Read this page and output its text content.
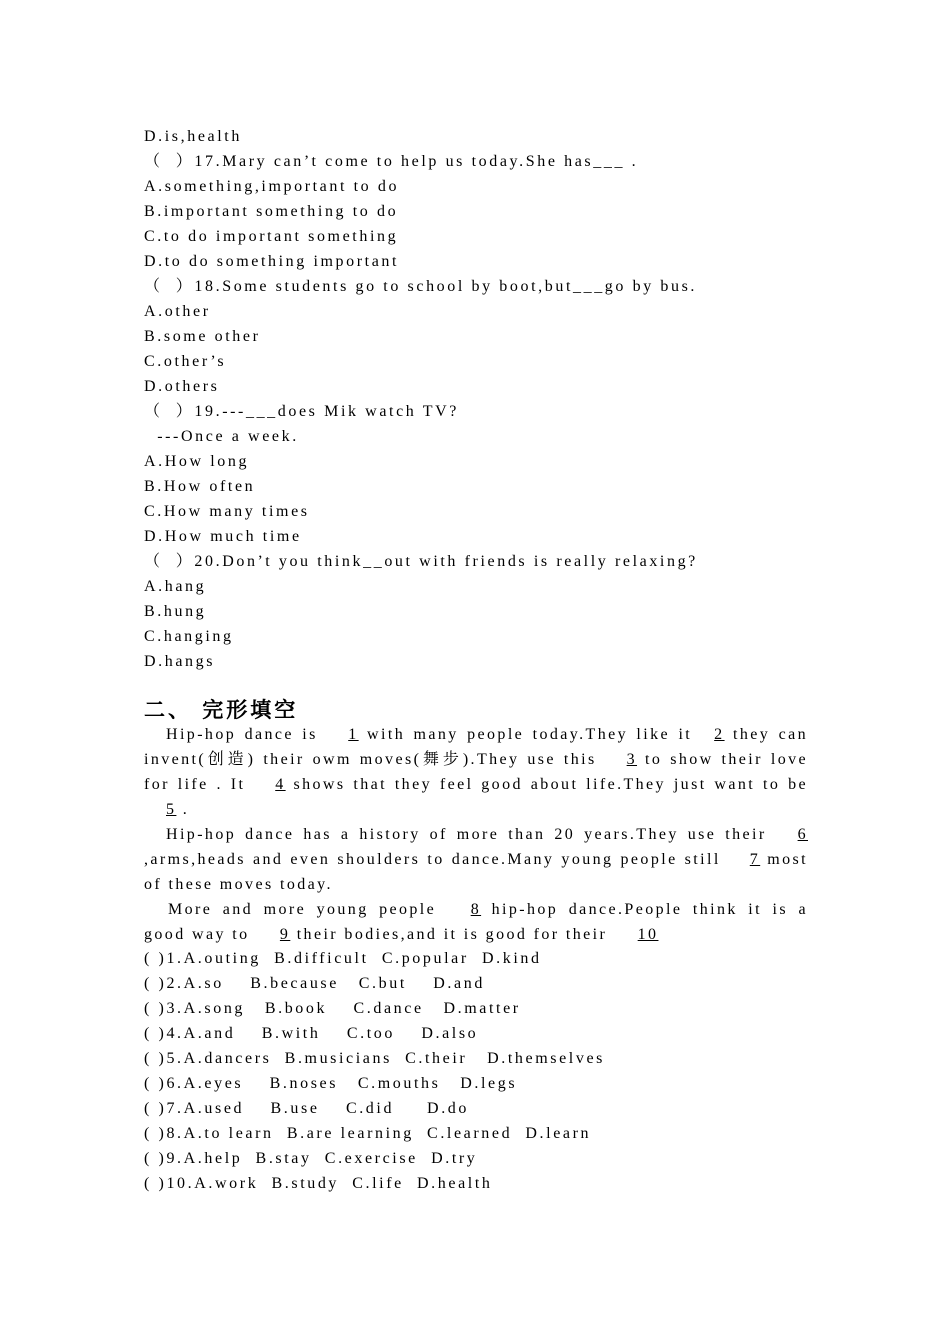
D.is,health
（  ）17.Mary can’t come to help us today.She has___ .
A.something,important to do
B.important something to do
C.to do important something
D.to do something important
（  ）18.Some students go to school by boot,but___go by bus.
A.other
B.some other
C.other’s
D.others
（  ）19.---___does Mik watch TV?
---Once a week.
A.How long
B.How often
C.How many times
D.How much time
（  ）20.Don’t you think__out with friends is really relaxing?
A.hang
B.hung
C.hanging
D.hangs
二、 完形填空
Hip-hop dance is 1 with many people today.They like it2 they can invent(创造) their owm moves(舞步).They use this 3 to show their love for life . It 4 shows that they feel good about life.They just want to be 5 .
Hip-hop dance has a history of more than 20 years.They use their 6 ,arms,heads and even shoulders to dance.Many young people still 7 most of these moves today.
More and more young people 8 hip-hop dance.People think it is a good way to 9 their bodies,and it is good for their 10
( )1.A.outing  B.difficult  C.popular  D.kind
( )2.A.so    B.because   C.but    D.and
( )3.A.song   B.book    C.dance   D.matter
( )4.A.and    B.with    C.too    D.also
( )5.A.dancers  B.musicians  C.their   D.themselves
( )6.A.eyes    B.noses   C.mouths   D.legs
( )7.A.used    B.use    C.did     D.do
( )8.A.to learn  B.are learning  C.learned  D.learn
( )9.A.help  B.stay  C.exercise  D.try
( )10.A.work  B.study  C.life  D.health
